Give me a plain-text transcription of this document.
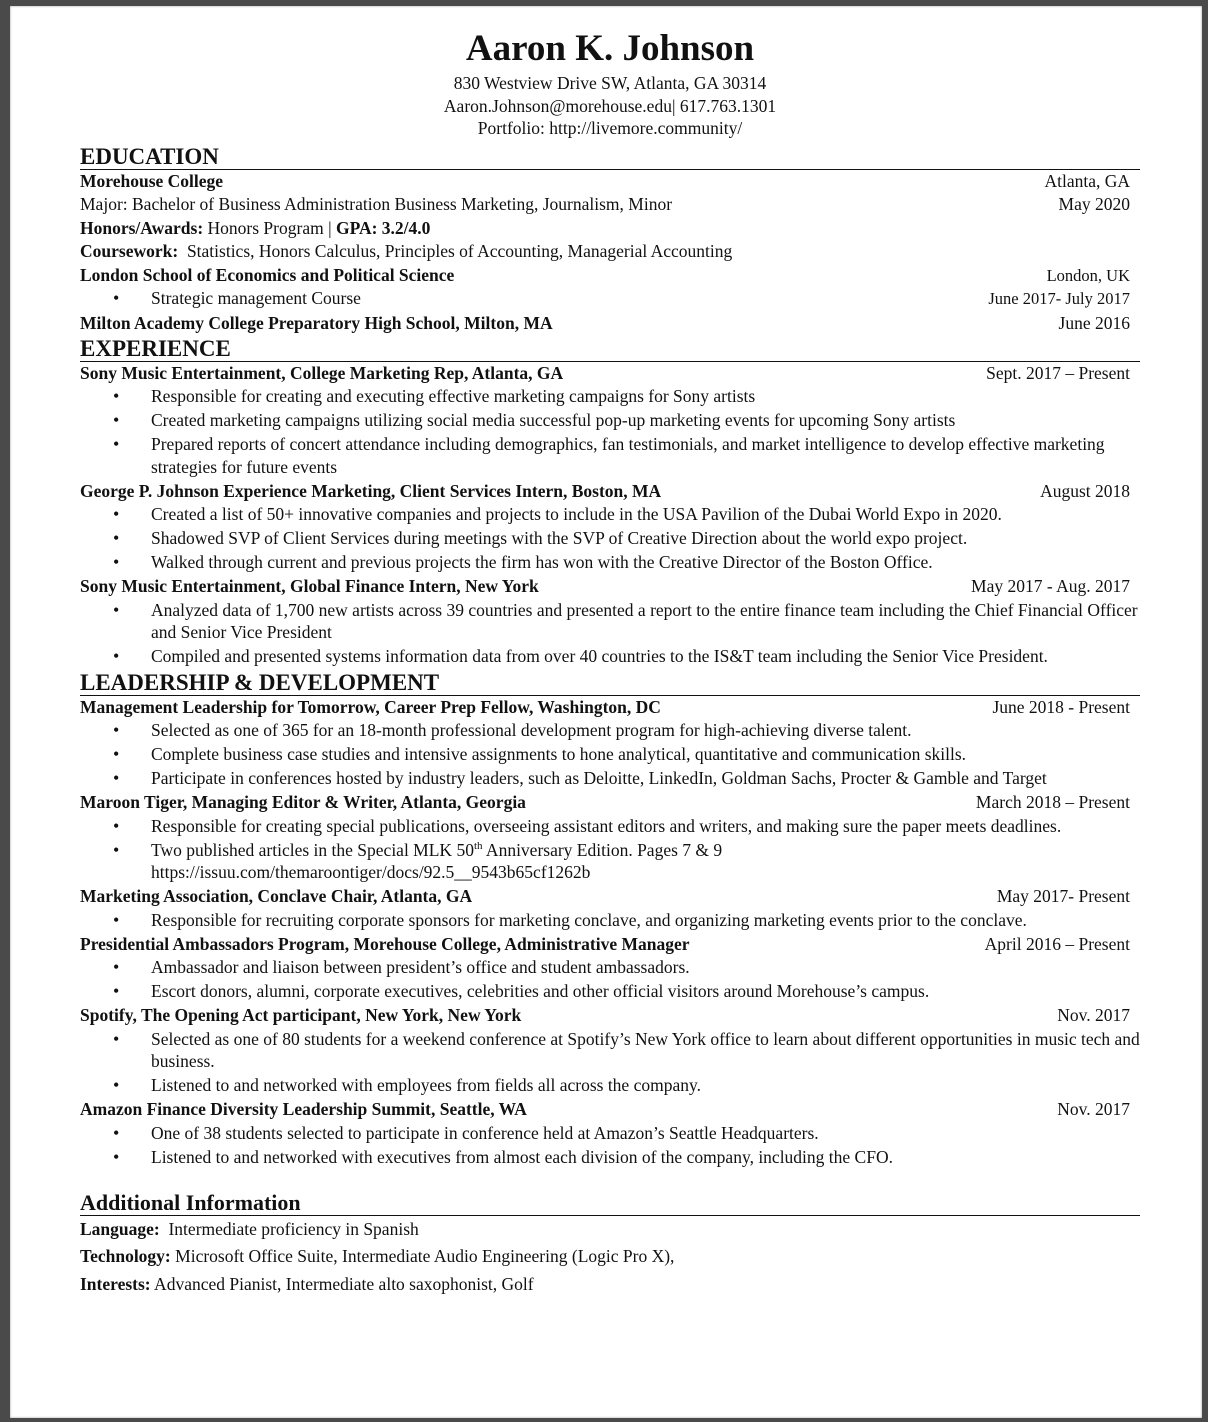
Aaron K. Johnson
830 Westview Drive SW, Atlanta, GA 30314
Aaron.Johnson@morehouse.edu| 617.763.1301
Portfolio: http://livemore.community/
EDUCATION
Morehouse College	Atlanta, GA
Major: Bachelor of Business Administration Business Marketing, Journalism, Minor	May 2020
Honors/Awards: Honors Program | GPA: 3.2/4.0
Coursework:  Statistics, Honors Calculus, Principles of Accounting, Managerial Accounting
London School of Economics and Political Science	London, UK
• Strategic management Course	June 2017- July 2017
Milton Academy College Preparatory High School, Milton, MA	June 2016
EXPERIENCE
Sony Music Entertainment, College Marketing Rep, Atlanta, GA	Sept. 2017 – Present
• Responsible for creating and executing effective marketing campaigns for Sony artists
• Created marketing campaigns utilizing social media successful pop-up marketing events for upcoming Sony artists
• Prepared reports of concert attendance including demographics, fan testimonials, and market intelligence to develop effective marketing strategies for future events
George P. Johnson Experience Marketing, Client Services Intern, Boston, MA	August 2018
• Created a list of 50+ innovative companies and projects to include in the USA Pavilion of the Dubai World Expo in 2020.
• Shadowed SVP of Client Services during meetings with the SVP of Creative Direction about the world expo project.
• Walked through current and previous projects the firm has won with the Creative Director of the Boston Office.
Sony Music Entertainment, Global Finance Intern, New York	May 2017 - Aug. 2017
• Analyzed data of 1,700 new artists across 39 countries and presented a report to the entire finance team including the Chief Financial Officer and Senior Vice President
• Compiled and presented systems information data from over 40 countries to the IS&T team including the Senior Vice President.
LEADERSHIP & DEVELOPMENT
Management Leadership for Tomorrow, Career Prep Fellow, Washington, DC	June 2018 - Present
• Selected as one of 365 for an 18-month professional development program for high-achieving diverse talent.
• Complete business case studies and intensive assignments to hone analytical, quantitative and communication skills.
• Participate in conferences hosted by industry leaders, such as Deloitte, LinkedIn, Goldman Sachs, Procter & Gamble and Target
Maroon Tiger, Managing Editor & Writer, Atlanta, Georgia	March 2018 – Present
• Responsible for creating special publications, overseeing assistant editors and writers, and making sure the paper meets deadlines.
• Two published articles in the Special MLK 50th Anniversary Edition. Pages 7 & 9
https://issuu.com/themaroontiger/docs/92.5__9543b65cf1262b
Marketing Association, Conclave Chair, Atlanta, GA	May 2017- Present
• Responsible for recruiting corporate sponsors for marketing conclave, and organizing marketing events prior to the conclave.
Presidential Ambassadors Program, Morehouse College, Administrative Manager	April 2016 – Present
• Ambassador and liaison between president’s office and student ambassadors.
• Escort donors, alumni, corporate executives, celebrities and other official visitors around Morehouse’s campus.
Spotify, The Opening Act participant, New York, New York	Nov. 2017
• Selected as one of 80 students for a weekend conference at Spotify’s New York office to learn about different opportunities in music tech and business.
• Listened to and networked with employees from fields all across the company.
Amazon Finance Diversity Leadership Summit, Seattle, WA	Nov. 2017
• One of 38 students selected to participate in conference held at Amazon’s Seattle Headquarters.
• Listened to and networked with executives from almost each division of the company, including the CFO.
Additional Information
Language:  Intermediate proficiency in Spanish
Technology: Microsoft Office Suite, Intermediate Audio Engineering (Logic Pro X),
Interests: Advanced Pianist, Intermediate alto saxophonist, Golf
